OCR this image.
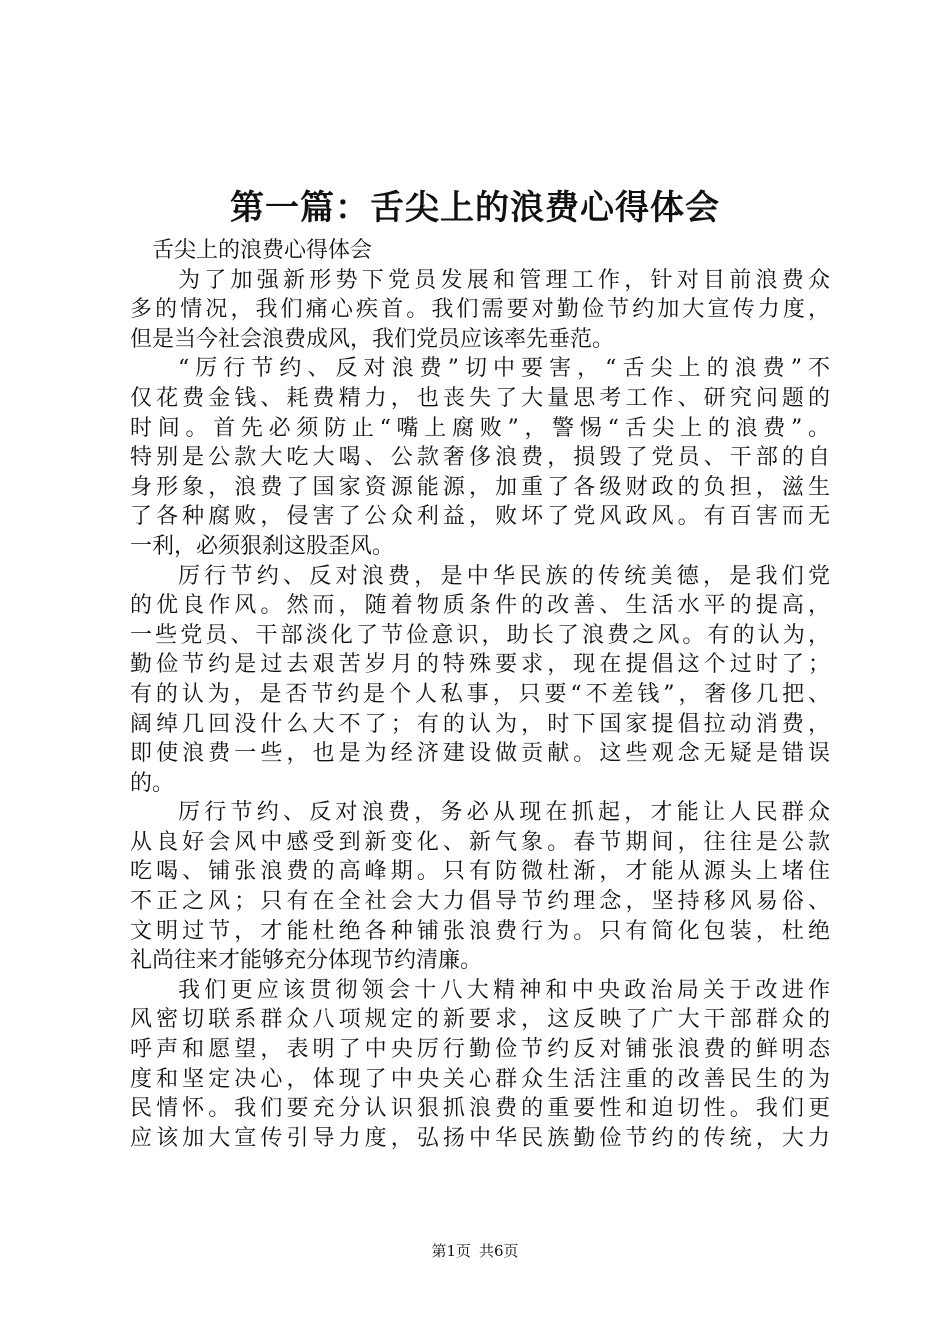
第一篇：舌尖上的浪费心得体会
舌尖上的浪费心得体会
为了加强新形势下党员发展和管理工作，针对目前浪费众
多的情况，我们痛心疾首。我们需要对勤俭节约加大宣传力度，
但是当今社会浪费成风，我们党员应该率先垂范。
“厉行节约、反对浪费”切中要害，“舌尖上的浪费”不
仅花费金钱、耗费精力，也丧失了大量思考工作、研究问题的
时间。首先必须防止“嘴上腐败”，警惕“舌尖上的浪费”。
特别是公款大吃大喝、公款奢侈浪费，损毁了党员、干部的自
身形象，浪费了国家资源能源，加重了各级财政的负担，滋生
了各种腐败，侵害了公众利益，败坏了党风政风。有百害而无
一利，必须狠刹这股歪风。
厉行节约、反对浪费，是中华民族的传统美德，是我们党
的优良作风。然而，随着物质条件的改善、生活水平的提高，
一些党员、干部淡化了节俭意识，助长了浪费之风。有的认为，
勤俭节约是过去艰苦岁月的特殊要求，现在提倡这个过时了；
有的认为，是否节约是个人私事，只要“不差钱”，奢侈几把、
阔绰几回没什么大不了；有的认为，时下国家提倡拉动消费，
即使浪费一些，也是为经济建设做贡献。这些观念无疑是错误
的。
厉行节约、反对浪费，务必从现在抓起，才能让人民群众
从良好会风中感受到新变化、新气象。春节期间，往往是公款
吃喝、铺张浪费的高峰期。只有防微杜渐，才能从源头上堵住
不正之风；只有在全社会大力倡导节约理念，坚持移风易俗、
文明过节，才能杜绝各种铺张浪费行为。只有简化包装，杜绝
礼尚往来才能够充分体现节约清廉。
我们更应该贯彻领会十八大精神和中央政治局关于改进作
风密切联系群众八项规定的新要求，这反映了广大干部群众的
呼声和愿望，表明了中央厉行勤俭节约反对铺张浪费的鲜明态
度和坚定决心，体现了中央关心群众生活注重的改善民生的为
民情怀。我们要充分认识狠抓浪费的重要性和迫切性。我们更
应该加大宣传引导力度，弘扬中华民族勤俭节约的传统，大力
第1页 共6页
